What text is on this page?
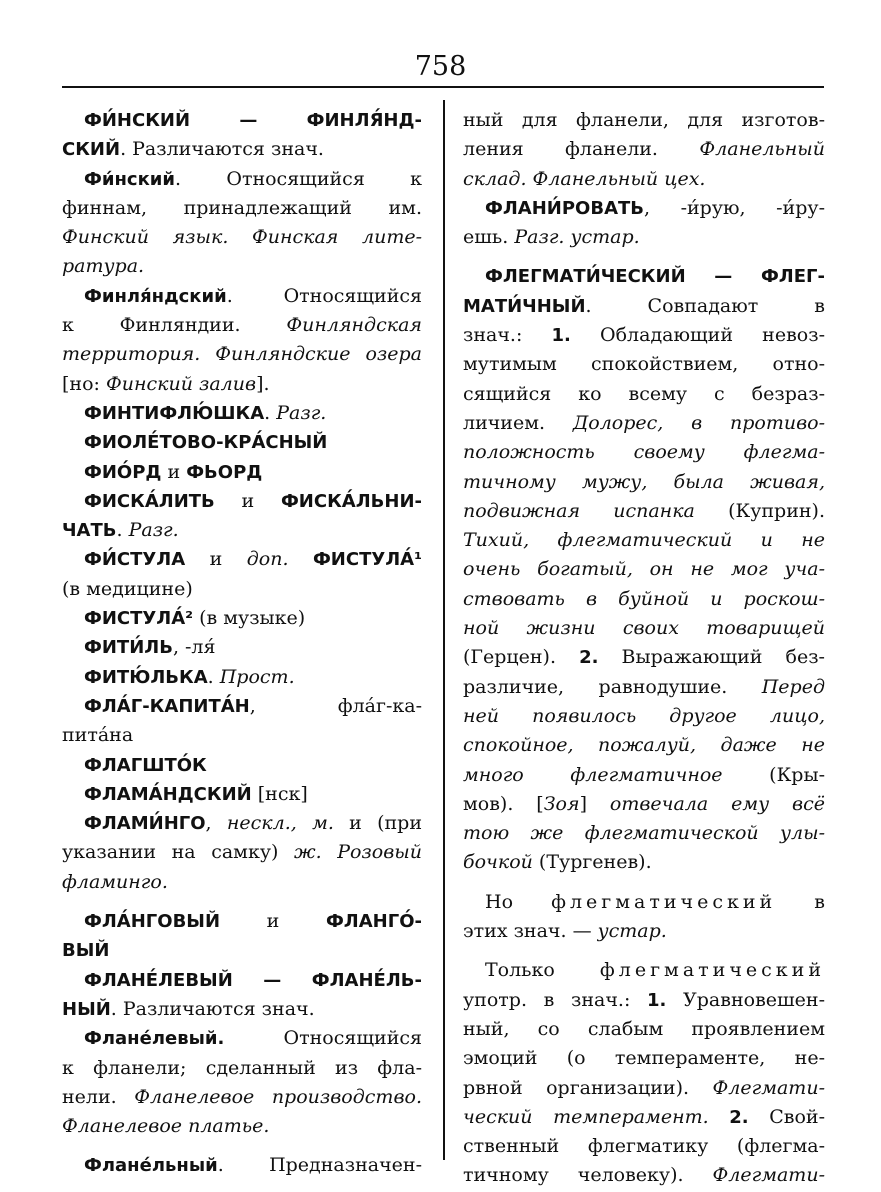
758
ФИ́НСКИЙ — ФИНЛЯ́НД-
СКИЙ. Различаются знач.
Фи́нский. Относящийся к
финнам, принадлежащий им.
Финский язык. Финская лите-
ратура.
Финля́ндский. Относящийся
к Финляндии. Финляндская
территория. Финляндские озера
[но: Финский залив].
ФИНТИФЛЮ́ШКА. Разг.
ФИОЛЕ́ТОВО-КРА́СНЫЙ
ФИО́РД и ФЬОРД
ФИСКА́ЛИТЬ и ФИСКА́ЛЬНИ-
ЧАТЬ. Разг.
ФИ́СТУЛА и доп. ФИСТУЛА́¹
(в медицине)
ФИСТУЛА́² (в музыке)
ФИТИ́ЛЬ, -ля́
ФИТЮ́ЛЬКА. Прост.
ФЛА́Г-КАПИТА́Н, фла́г-ка-
пита́на
ФЛАГШТО́К
ФЛАМА́НДСКИЙ [нск]
ФЛАМИ́НГО, нескл., м. и (при
указании на самку) ж. Розовый
фламинго.
ФЛА́НГОВЫЙ и ФЛАНГО́-
ВЫЙ
ФЛАНЕ́ЛЕВЫЙ — ФЛАНЕ́ЛЬ-
НЫЙ. Различаются знач.
Флане́левый. Относящийся
к фланели; сделанный из фла-
нели. Фланелевое производство.
Фланелевое платье.
Флане́льный. Предназначен-
ный для фланели, для изготов-
ления фланели. Фланельный
склад. Фланельный цех.
ФЛАНИ́РОВАТЬ, -и́рую, -и́ру-
ешь. Разг. устар.
ФЛЕГМАТИ́ЧЕСКИЙ — ФЛЕГ-
МАТИ́ЧНЫЙ. Совпадают в
знач.: 1. Обладающий невоз-
мутимым спокойствием, отно-
сящийся ко всему с безраз-
личием. Долорес, в противо-
положность своему флегма-
тичному мужу, была живая,
подвижная испанка (Куприн).
Тихий, флегматический и не
очень богатый, он не мог уча-
ствовать в буйной и роскош-
ной жизни своих товарищей
(Герцен). 2. Выражающий без-
различие, равнодушие. Перед
ней появилось другое лицо,
спокойное, пожалуй, даже не
много флегматичное (Кры-
мов). [Зоя] отвечала ему всё
тою же флегматической улы-
бочкой (Тургенев).
Но флегматический в
этих знач. — устар.
Только флегматический
употр. в знач.: 1. Уравновешен-
ный, со слабым проявлением
эмоций (о темпераменте, не-
рвной организации). Флегмати-
ческий темперамент. 2. Свой-
ственный флегматику (флегма-
тичному человеку). Флегмати-
